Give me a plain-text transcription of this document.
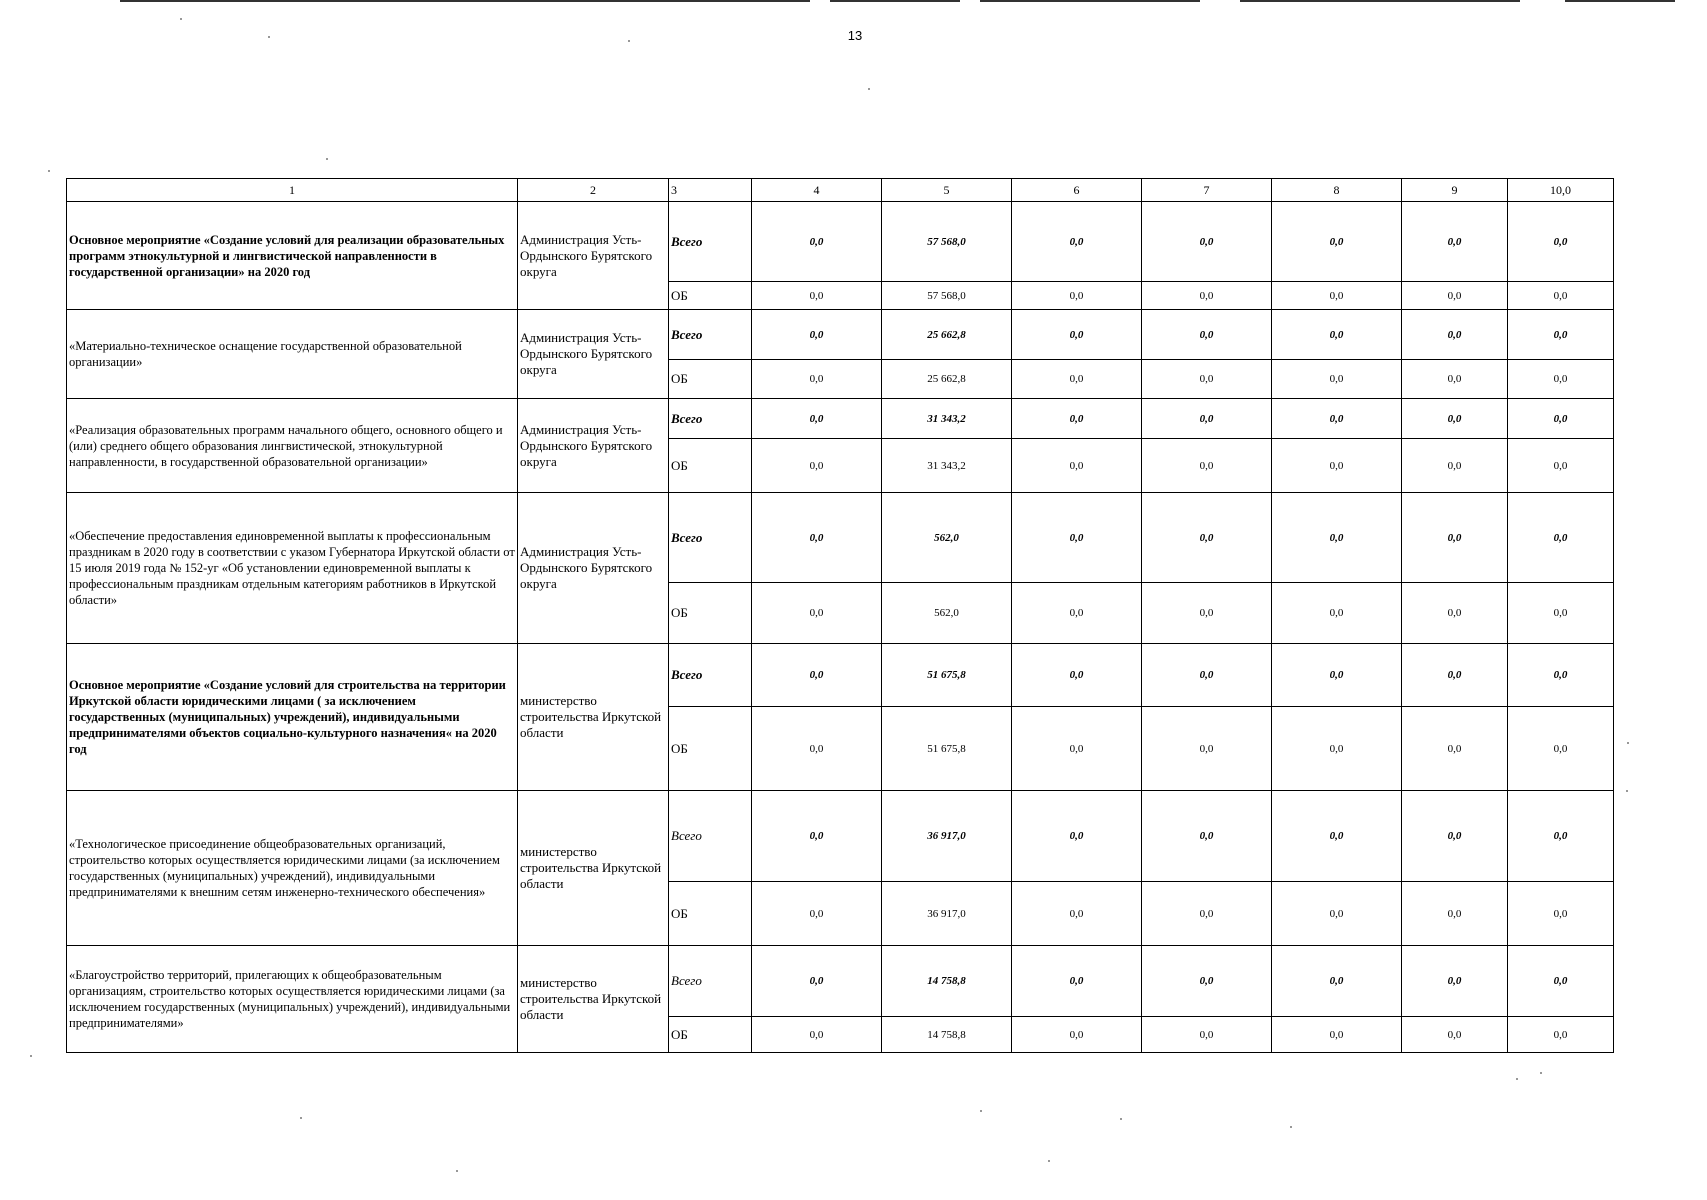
13
1	2	3	4	5	6	7	8	9	10,0
Основное мероприятие «Создание условий для реализации образовательных программ этнокультурной и лингвистической направленности в государственной организации» на 2020 год	Администрация Усть-Ордынского Бурятского округа	Всего	0,0	57 568,0	0,0	0,0	0,0	0,0	0,0
		ОБ	0,0	57 568,0	0,0	0,0	0,0	0,0	0,0
«Материально-техническое оснащение государственной образовательной организации»	Администрация Усть-Ордынского Бурятского округа	Всего	0,0	25 662,8	0,0	0,0	0,0	0,0	0,0
		ОБ	0,0	25 662,8	0,0	0,0	0,0	0,0	0,0
«Реализация образовательных программ начального общего, основного общего и (или) среднего общего образования лингвистической, этнокультурной направленности, в государственной образовательной организации»	Администрация Усть-Ордынского Бурятского округа	Всего	0,0	31 343,2	0,0	0,0	0,0	0,0	0,0
		ОБ	0,0	31 343,2	0,0	0,0	0,0	0,0	0,0
«Обеспечение предоставления единовременной выплаты к профессиональным праздникам в 2020 году в соответствии с указом Губернатора Иркутской области от 15 июля 2019 года № 152-уг «Об установлении единовременной выплаты к профессиональным праздникам отдельным категориям работников в Иркутской области»	Администрация Усть-Ордынского Бурятского округа	Всего	0,0	562,0	0,0	0,0	0,0	0,0	0,0
		ОБ	0,0	562,0	0,0	0,0	0,0	0,0	0,0
Основное мероприятие «Создание условий для строительства на территории Иркутской области юридическими лицами ( за исключением государственных (муниципальных) учреждений), индивидуальными предпринимателями объектов социально-культурного назначения« на 2020 год	министерство строительства Иркутской области	Всего	0,0	51 675,8	0,0	0,0	0,0	0,0	0,0
		ОБ	0,0	51 675,8	0,0	0,0	0,0	0,0	0,0
«Технологическое присоединение общеобразовательных организаций, строительство которых осуществляется юридическими лицами (за исключением государственных (муниципальных) учреждений), индивидуальными предпринимателями к внешним сетям инженерно-технического обеспечения»	министерство строительства Иркутской области	Всего	0,0	36 917,0	0,0	0,0	0,0	0,0	0,0
		ОБ	0,0	36 917,0	0,0	0,0	0,0	0,0	0,0
«Благоустройство территорий, прилегающих к общеобразовательным организациям, строительство которых осуществляется юридическими лицами (за исключением государственных (муниципальных) учреждений), индивидуальными предпринимателями»	министерство строительства Иркутской области	Всего	0,0	14 758,8	0,0	0,0	0,0	0,0	0,0
		ОБ	0,0	14 758,8	0,0	0,0	0,0	0,0	0,0
